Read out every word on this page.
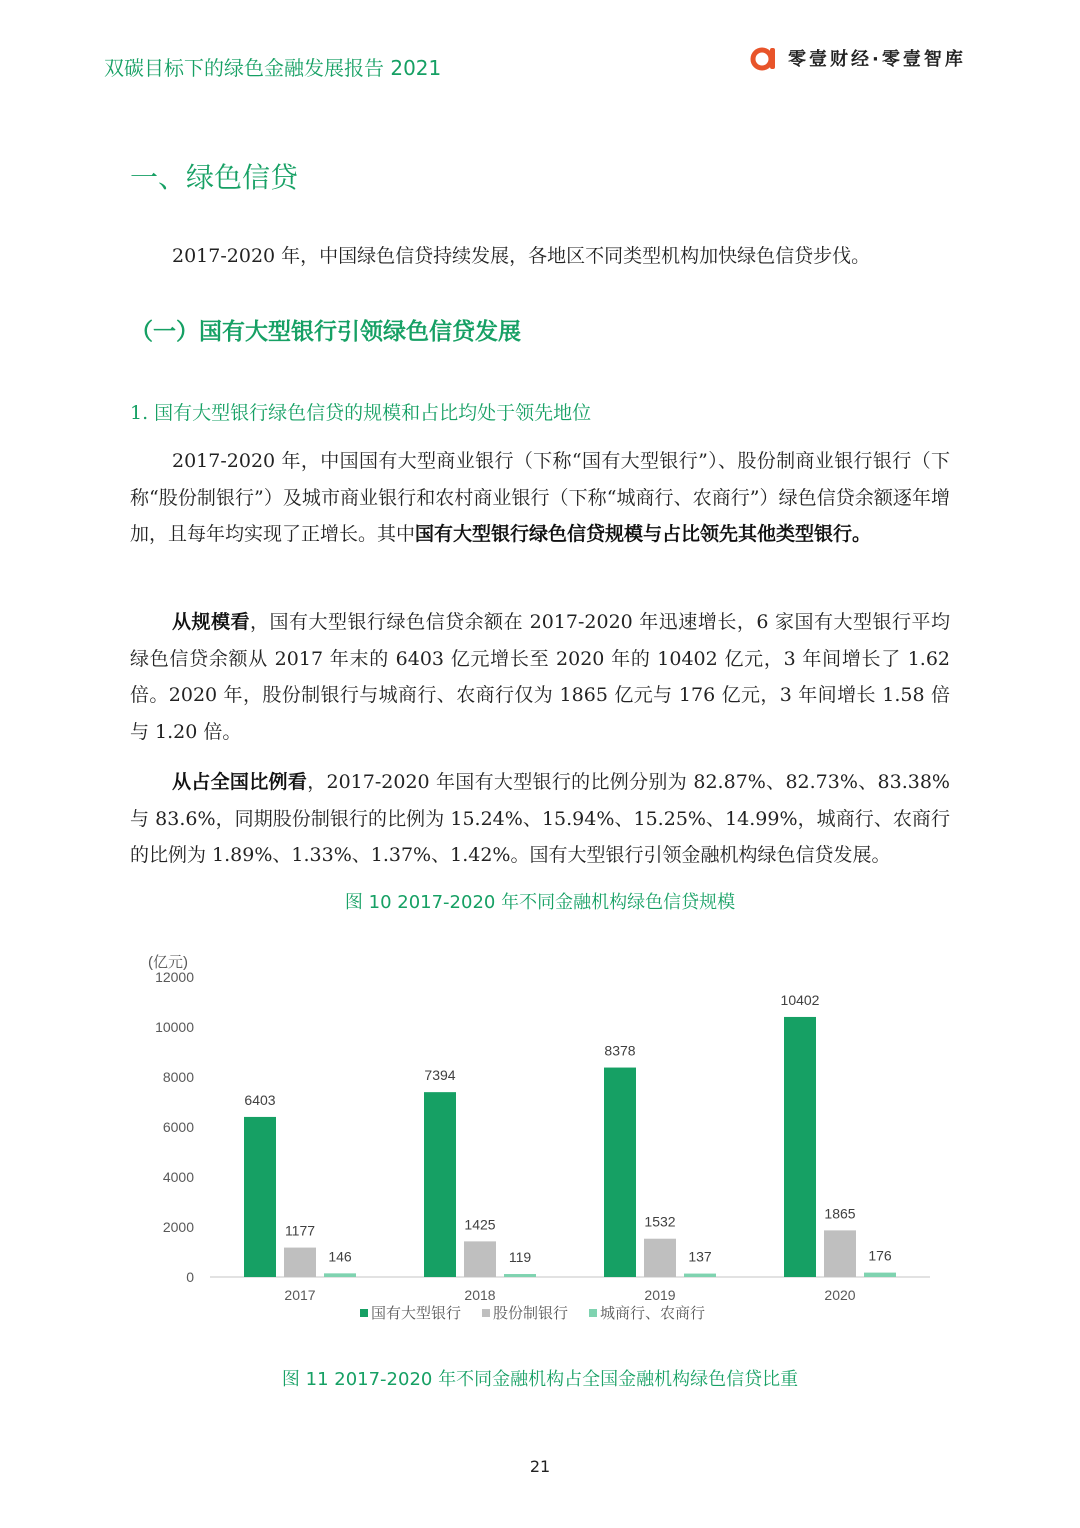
双碳目标下的绿色金融发展报告 2021	零壹财经·零壹智库
一、绿色信贷

2017-2020 年，中国绿色信贷持续发展，各地区不同类型机构加快绿色信贷步伐。

（一）国有大型银行引领绿色信贷发展
1. 国有大型银行绿色信贷的规模和占比均处于领先地位

2017-2020 年，中国国有大型商业银行（下称“国有大型银行”）、股份制商业银行银行（下称“股份制银行”）及城市商业银行和农村商业银行（下称“城商行、农商行”）绿色信贷余额逐年增加，且每年均实现了正增长。其中国有大型银行绿色信贷规模与占比领先其他类型银行。

从规模看，国有大型银行绿色信贷余额在 2017-2020 年迅速增长，6 家国有大型银行平均绿色信贷余额从 2017 年末的 6403 亿元增长至 2020 年的 10402 亿元，3 年间增长了 1.62 倍。2020 年，股份制银行与城商行、农商行仅为 1865 亿元与 176 亿元，3 年间增长 1.58 倍与 1.20 倍。

从占全国比例看，2017-2020 年国有大型银行的比例分别为 82.87%、82.73%、83.38%与 83.6%，同期股份制银行的比例为 15.24%、15.94%、15.25%、14.99%，城商行、农商行的比例为 1.89%、1.33%、1.37%、1.42%。国有大型银行引领金融机构绿色信贷发展。

图 10 2017-2020 年不同金融机构绿色信贷规模
(亿元)
0
2000
4000
6000
8000
10000
12000
6403
1177
146
2017
7394
1425
119
2018
8378
1532
137
2019
10402
1865
176
2020
国有大型银行 股份制银行 城商行、农商行
图 11 2017-2020 年不同金融机构占全国金融机构绿色信贷比重
21
